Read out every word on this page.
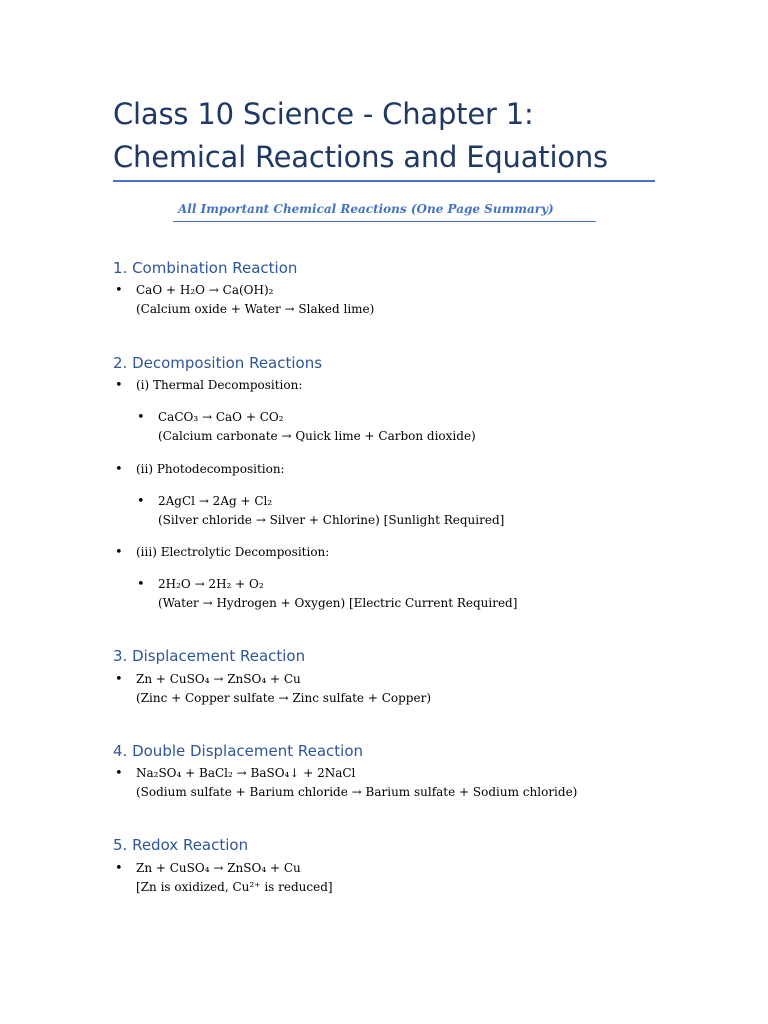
Class 10 Science - Chapter 1: Chemical Reactions and Equations
All Important Chemical Reactions (One Page Summary)
1. Combination Reaction
• CaO + H₂O → Ca(OH)₂
(Calcium oxide + Water → Slaked lime)
2. Decomposition Reactions
• (i) Thermal Decomposition:
• CaCO₃ → CaO + CO₂
(Calcium carbonate → Quick lime + Carbon dioxide)
• (ii) Photodecomposition:
• 2AgCl → 2Ag + Cl₂
(Silver chloride → Silver + Chlorine) [Sunlight Required]
• (iii) Electrolytic Decomposition:
• 2H₂O → 2H₂ + O₂
(Water → Hydrogen + Oxygen) [Electric Current Required]
3. Displacement Reaction
• Zn + CuSO₄ → ZnSO₄ + Cu
(Zinc + Copper sulfate → Zinc sulfate + Copper)
4. Double Displacement Reaction
• Na₂SO₄ + BaCl₂ → BaSO₄↓ + 2NaCl
(Sodium sulfate + Barium chloride → Barium sulfate + Sodium chloride)
5. Redox Reaction
• Zn + CuSO₄ → ZnSO₄ + Cu
[Zn is oxidized, Cu²⁺ is reduced]
